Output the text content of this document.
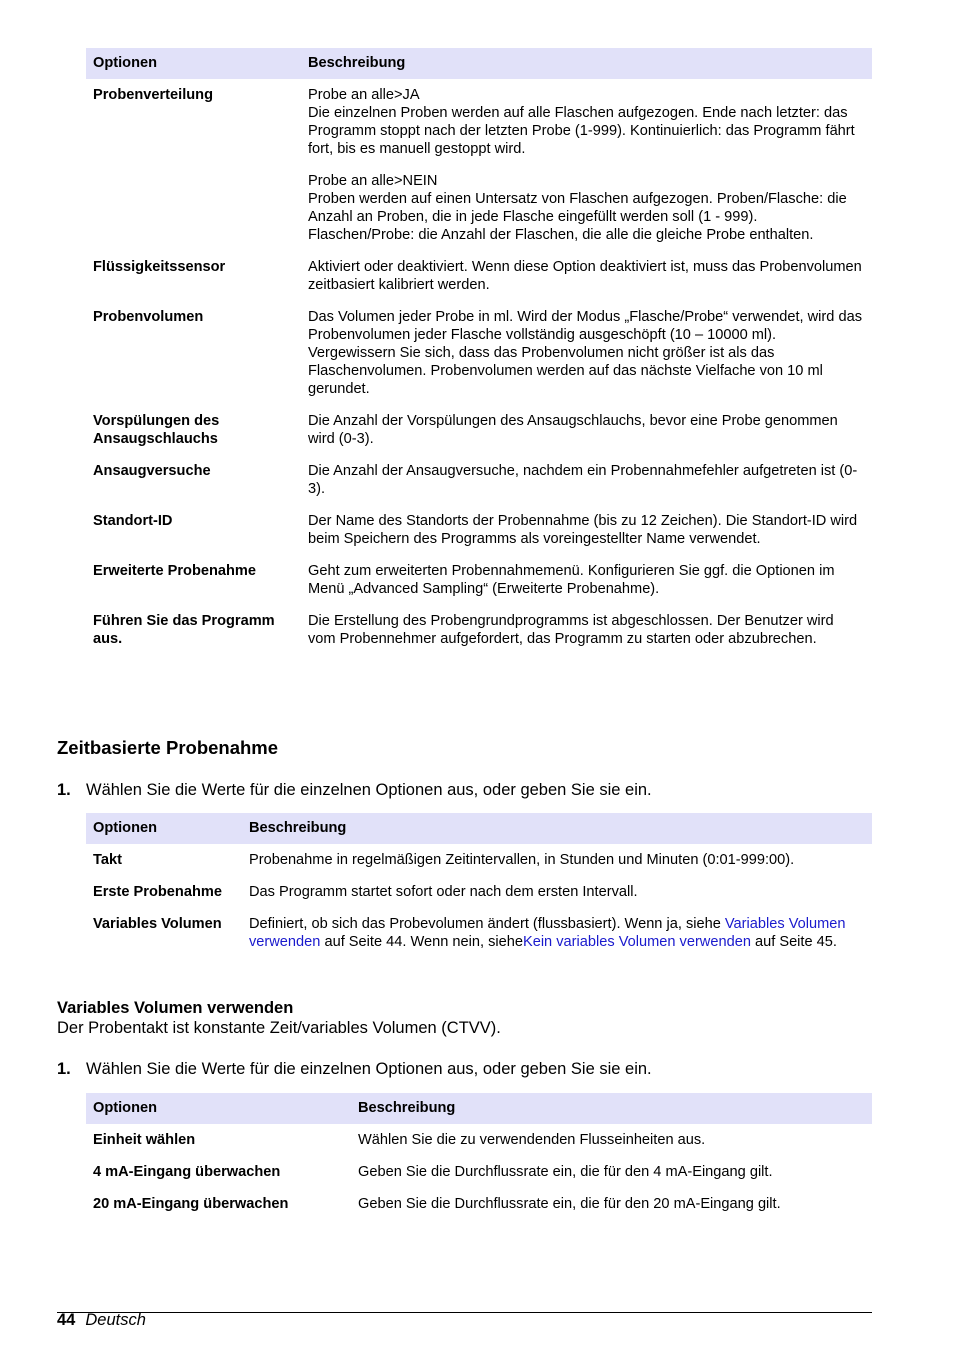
Optionen	Beschreibung
Probenverteilung	Probe an alle>JA
Die einzelnen Proben werden auf alle Flaschen aufgezogen. Ende nach letzter: das Programm stoppt nach der letzten Probe (1-999). Kontinuierlich: das Programm fährt fort, bis es manuell gestoppt wird.

Probe an alle>NEIN
Proben werden auf einen Untersatz von Flaschen aufgezogen. Proben/Flasche: die Anzahl an Proben, die in jede Flasche eingefüllt werden soll (1 - 999). Flaschen/Probe: die Anzahl der Flaschen, die alle die gleiche Probe enthalten.

Flüssigkeitssensor	Aktiviert oder deaktiviert. Wenn diese Option deaktiviert ist, muss das Probenvolumen zeitbasiert kalibriert werden.
Probenvolumen	Das Volumen jeder Probe in ml. Wird der Modus „Flasche/Probe“ verwendet, wird das Probenvolumen jeder Flasche vollständig ausgeschöpft (10 – 10000 ml). Vergewissern Sie sich, dass das Probenvolumen nicht größer ist als das Flaschenvolumen. Probenvolumen werden auf das nächste Vielfache von 10 ml gerundet.
Vorspülungen des Ansaugschlauchs	Die Anzahl der Vorspülungen des Ansaugschlauchs, bevor eine Probe genommen wird (0-3).
Ansaugversuche	Die Anzahl der Ansaugversuche, nachdem ein Probennahmefehler aufgetreten ist (0-3).
Standort-ID	Der Name des Standorts der Probennahme (bis zu 12 Zeichen). Die Standort-ID wird beim Speichern des Programms als voreingestellter Name verwendet.
Erweiterte Probenahme	Geht zum erweiterten Probennahmemenü. Konfigurieren Sie ggf. die Optionen im Menü „Advanced Sampling“ (Erweiterte Probenahme).
Führen Sie das Programm aus.	Die Erstellung des Probengrundprogramms ist abgeschlossen. Der Benutzer wird vom Probennehmer aufgefordert, das Programm zu starten oder abzubrechen.
Zeitbasierte Probenahme
1. Wählen Sie die Werte für die einzelnen Optionen aus, oder geben Sie sie ein.
Optionen	Beschreibung
Takt	Probenahme in regelmäßigen Zeitintervallen, in Stunden und Minuten (0:01-999:00).
Erste Probenahme	Das Programm startet sofort oder nach dem ersten Intervall.
Variables Volumen	Definiert, ob sich das Probevolumen ändert (flussbasiert). Wenn ja, siehe Variables Volumen verwenden auf Seite 44. Wenn nein, sieheKein variables Volumen verwenden auf Seite 45.
Variables Volumen verwenden
Der Probentakt ist konstante Zeit/variables Volumen (CTVV).
1. Wählen Sie die Werte für die einzelnen Optionen aus, oder geben Sie sie ein.
Optionen	Beschreibung
Einheit wählen	Wählen Sie die zu verwendenden Flusseinheiten aus.
4 mA-Eingang überwachen	Geben Sie die Durchflussrate ein, die für den 4 mA-Eingang gilt.
20 mA-Eingang überwachen	Geben Sie die Durchflussrate ein, die für den 20 mA-Eingang gilt.
44 Deutsch
